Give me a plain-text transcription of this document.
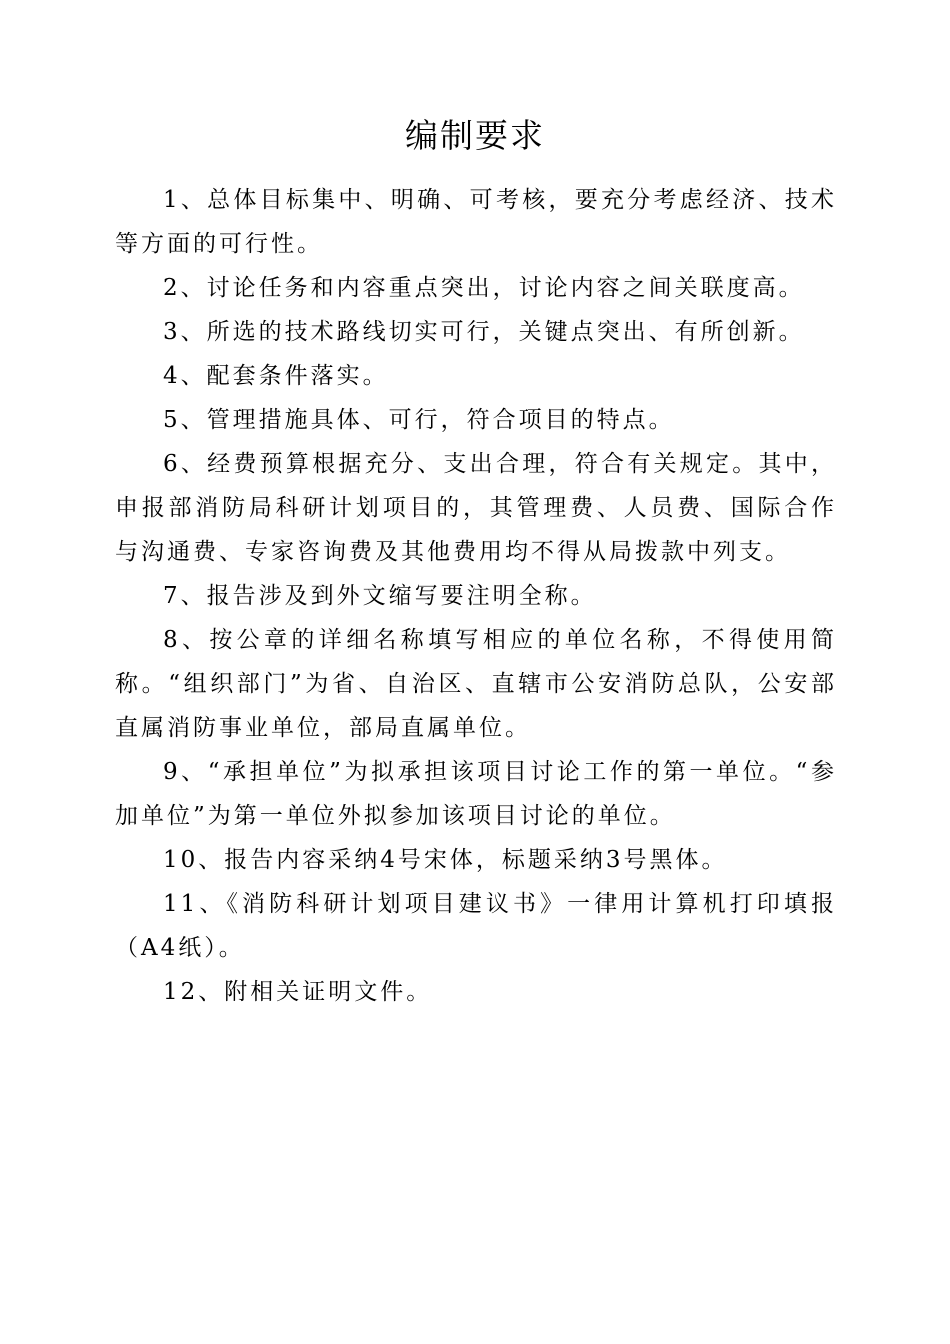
编制要求

1、总体目标集中、明确、可考核，要充分考虑经济、技术等方面的可行性。

2、讨论任务和内容重点突出，讨论内容之间关联度高。

3、所选的技术路线切实可行，关键点突出、有所创新。

4、配套条件落实。

5、管理措施具体、可行，符合项目的特点。

6、经费预算根据充分、支出合理，符合有关规定。其中，申报部消防局科研计划项目的，其管理费、人员费、国际合作与沟通费、专家咨询费及其他费用均不得从局拨款中列支。

7、报告涉及到外文缩写要注明全称。

8、按公章的详细名称填写相应的单位名称，不得使用简称。“组织部门”为省、自治区、直辖市公安消防总队，公安部直属消防事业单位，部局直属单位。

9、“承担单位”为拟承担该项目讨论工作的第一单位。“参加单位”为第一单位外拟参加该项目讨论的单位。

10、报告内容采纳4号宋体，标题采纳3号黑体。

11、《消防科研计划项目建议书》一律用计算机打印填报（A4纸）。

12、附相关证明文件。
